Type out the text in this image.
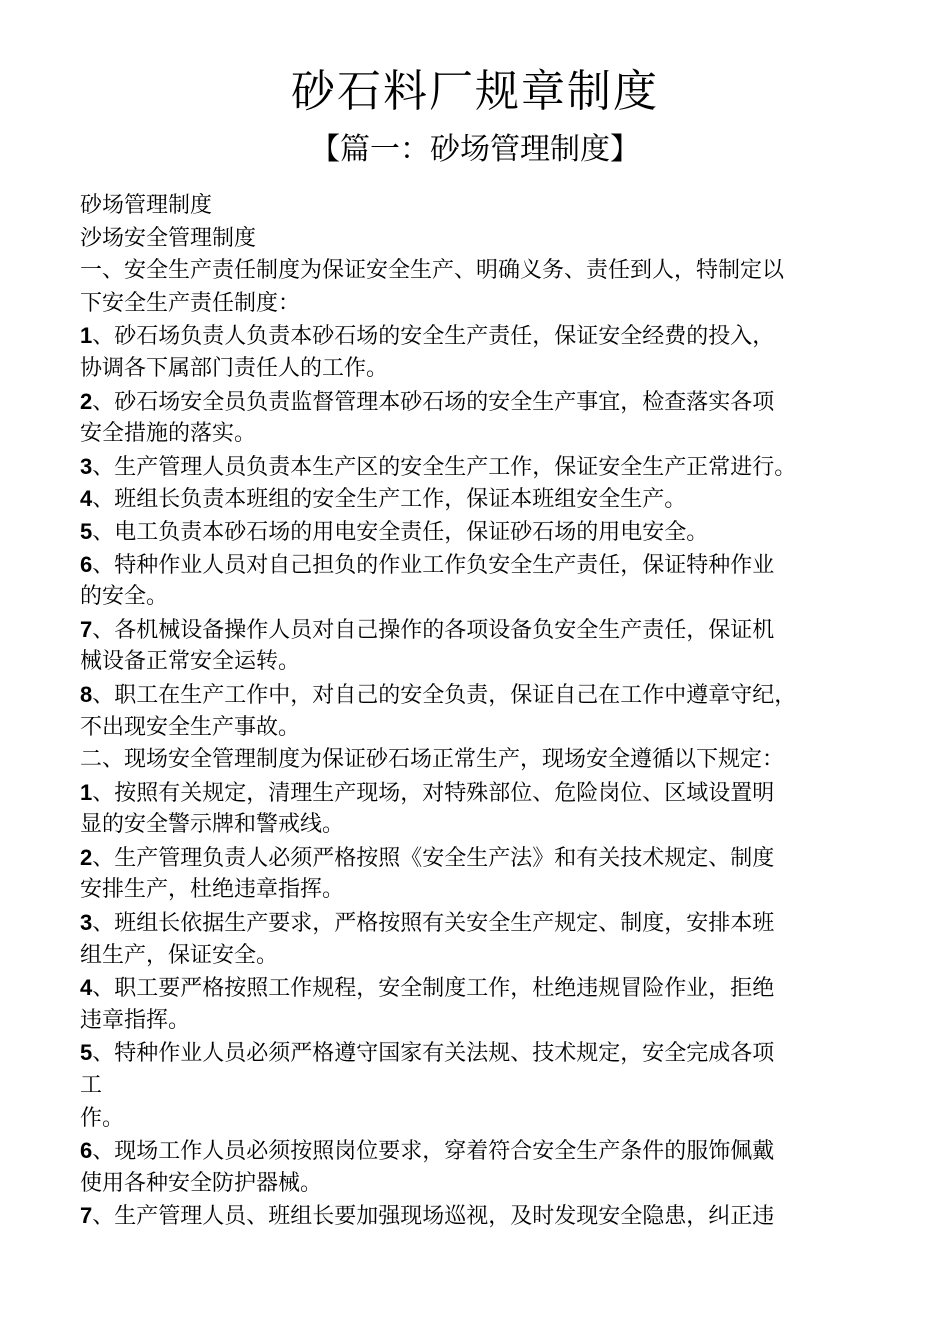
砂石料厂规章制度
【篇一：砂场管理制度】
砂场管理制度
沙场安全管理制度
一、安全生产责任制度为保证安全生产、明确义务、责任到人，特制定以
下安全生产责任制度：
1、砂石场负责人负责本砂石场的安全生产责任，保证安全经费的投入，
协调各下属部门责任人的工作。
2、砂石场安全员负责监督管理本砂石场的安全生产事宜，检查落实各项
安全措施的落实。
3、生产管理人员负责本生产区的安全生产工作，保证安全生产正常进行。
4、班组长负责本班组的安全生产工作，保证本班组安全生产。
5、电工负责本砂石场的用电安全责任，保证砂石场的用电安全。
6、特种作业人员对自己担负的作业工作负安全生产责任，保证特种作业
的安全。
7、各机械设备操作人员对自己操作的各项设备负安全生产责任，保证机
械设备正常安全运转。
8、职工在生产工作中，对自己的安全负责，保证自己在工作中遵章守纪，
不出现安全生产事故。
二、现场安全管理制度为保证砂石场正常生产，现场安全遵循以下规定：
1、按照有关规定，清理生产现场，对特殊部位、危险岗位、区域设置明
显的安全警示牌和警戒线。
2、生产管理负责人必须严格按照《安全生产法》和有关技术规定、制度
安排生产，杜绝违章指挥。
3、班组长依据生产要求，严格按照有关安全生产规定、制度，安排本班
组生产，保证安全。
4、职工要严格按照工作规程，安全制度工作，杜绝违规冒险作业，拒绝
违章指挥。
5、特种作业人员必须严格遵守国家有关法规、技术规定，安全完成各项
工
作。
6、现场工作人员必须按照岗位要求，穿着符合安全生产条件的服饰佩戴
使用各种安全防护器械。
7、生产管理人员、班组长要加强现场巡视，及时发现安全隐患，纠正违
